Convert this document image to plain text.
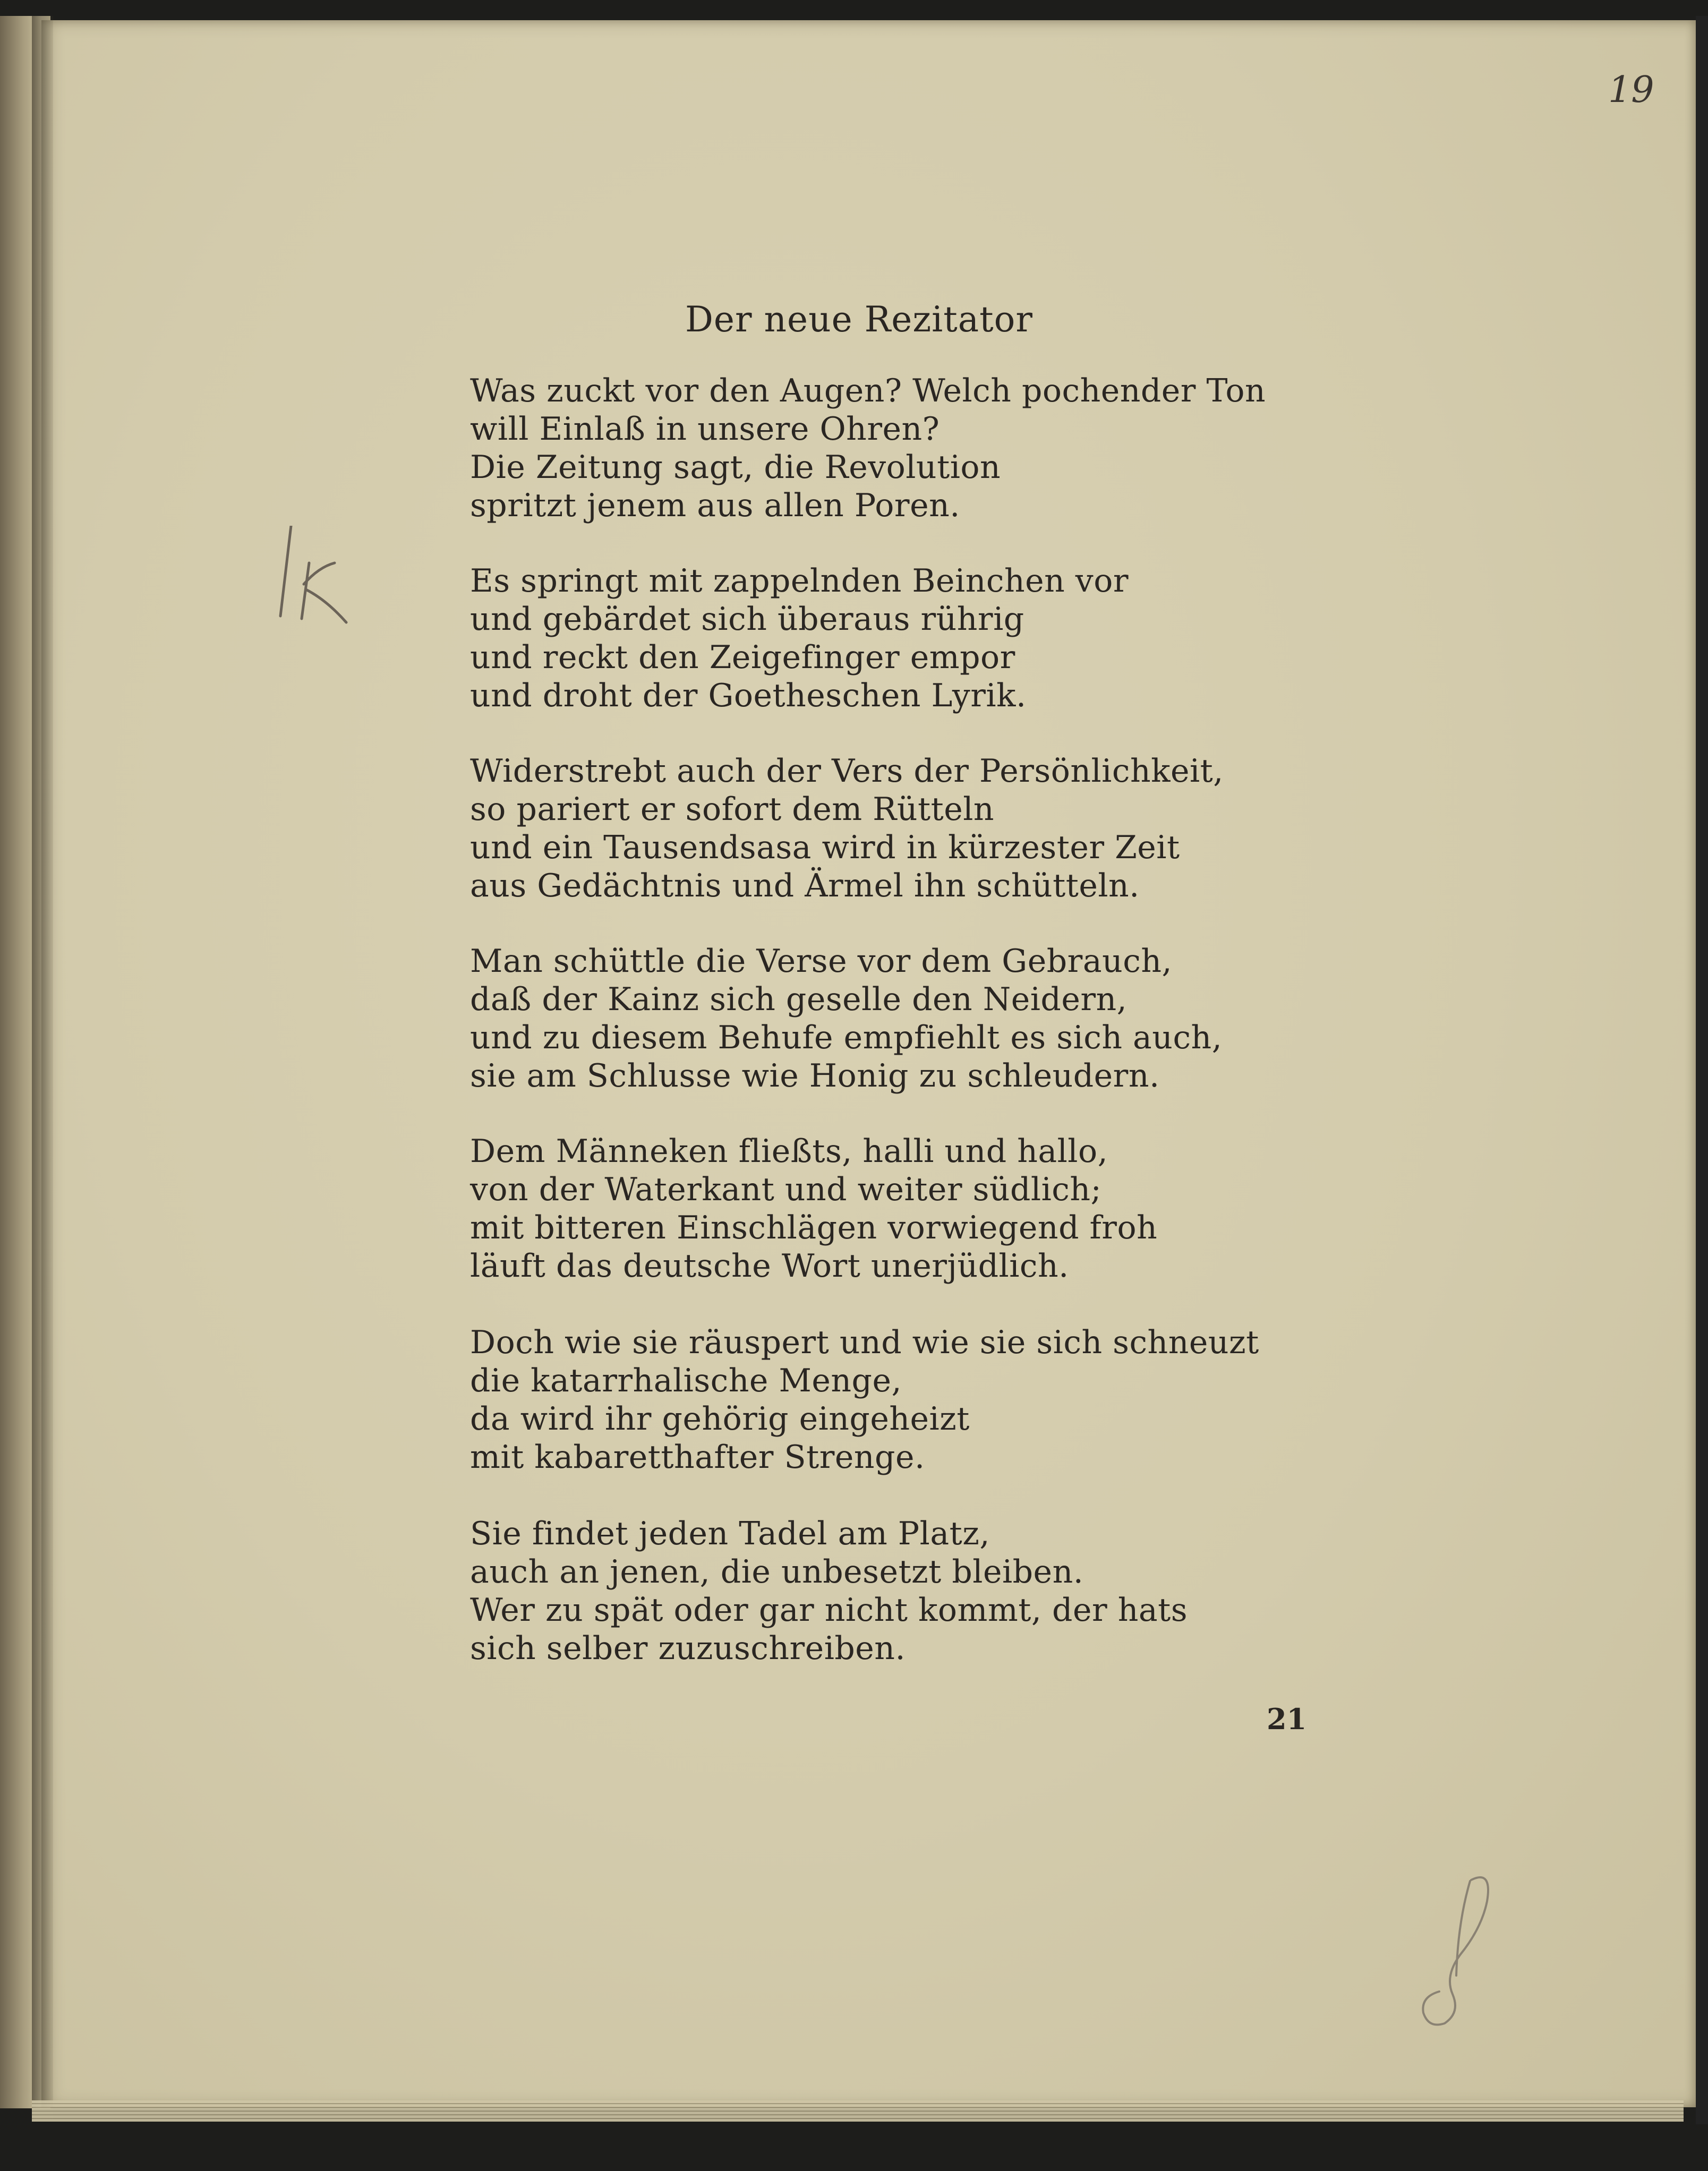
19
Der neue Rezitator
Was zuckt vor den Augen? Welch pochender Ton
will Einlaß in unsere Ohren?
Die Zeitung sagt, die Revolution
spritzt jenem aus allen Poren.
Es springt mit zappelnden Beinchen vor
und gebärdet sich überaus rührig
und reckt den Zeigefinger empor
und droht der Goetheschen Lyrik.
Widerstrebt auch der Vers der Persönlichkeit,
so pariert er sofort dem Rütteln
und ein Tausendsasa wird in kürzester Zeit
aus Gedächtnis und Ärmel ihn schütteln.
Man schüttle die Verse vor dem Gebrauch,
daß der Kainz sich geselle den Neidern,
und zu diesem Behufe empfiehlt es sich auch,
sie am Schlusse wie Honig zu schleudern.
Dem Männeken fließts, halli und hallo,
von der Waterkant und weiter südlich;
mit bitteren Einschlägen vorwiegend froh
läuft das deutsche Wort unerjüdlich.
Doch wie sie räuspert und wie sie sich schneuzt
die katarrhalische Menge,
da wird ihr gehörig eingeheizt
mit kabaretthafter Strenge.
Sie findet jeden Tadel am Platz,
auch an jenen, die unbesetzt bleiben.
Wer zu spät oder gar nicht kommt, der hats
sich selber zuzuschreiben.
21
